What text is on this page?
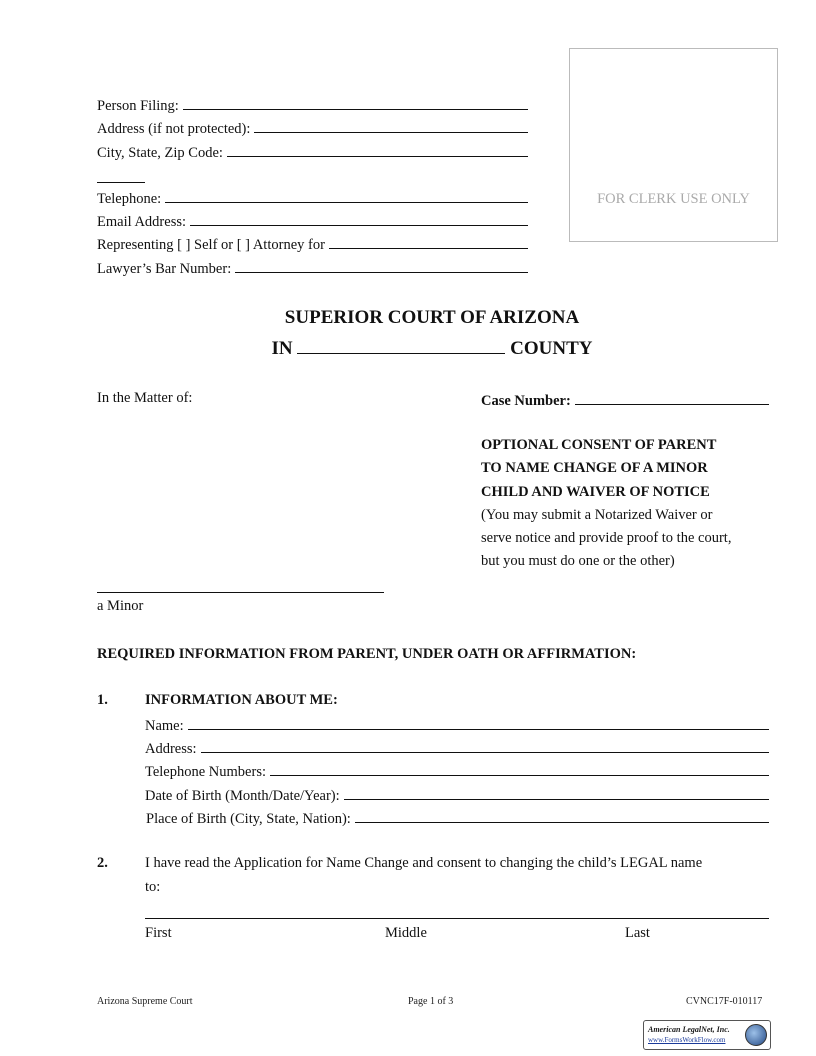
Person Filing:
Address (if not protected):
City, State, Zip Code:
Telephone:
Email Address:
Representing [ ] Self or [ ] Attorney for
Lawyer’s Bar Number:
FOR CLERK USE ONLY
SUPERIOR COURT OF ARIZONA
IN	COUNTY
In the Matter of:
a Minor
Case Number:
OPTIONAL CONSENT OF PARENT
TO NAME CHANGE OF A MINOR
CHILD AND WAIVER OF NOTICE
(You may submit a Notarized Waiver or
serve notice and provide proof to the court,
but you must do one or the other)
REQUIRED INFORMATION FROM PARENT, UNDER OATH OR AFFIRMATION:
1.	INFORMATION ABOUT ME:
Name:
Address:
Telephone Numbers:
Date of Birth (Month/Date/Year):
Place of Birth (City, State, Nation):
2.	I have read the Application for Name Change and consent to changing the child’s LEGAL name
to:
First	Middle	Last
Arizona Supreme Court	Page 1 of 3	CVNC17F-010117
American LegalNet, Inc.
www.FormsWorkFlow.com
